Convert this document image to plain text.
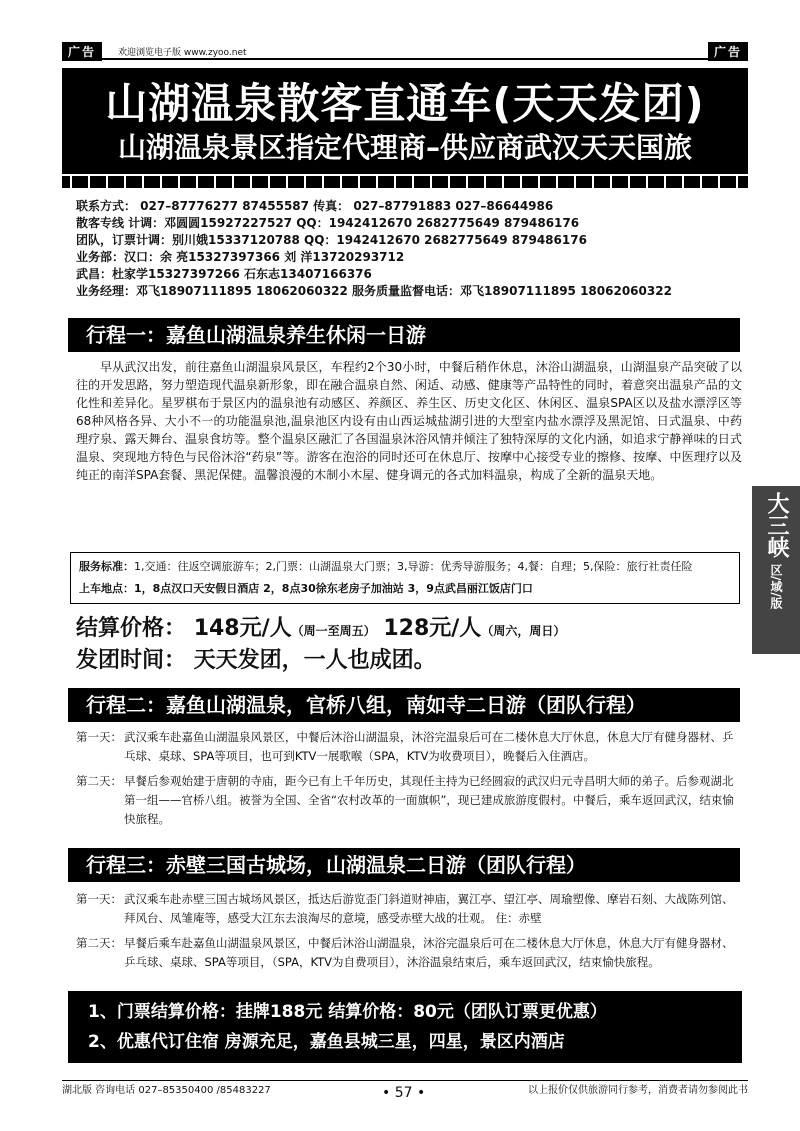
广告	欢迎浏览电子版 www.zyoo.net	广告
山湖温泉散客直通车(天天发团)
山湖温泉景区指定代理商–供应商武汉天天国旅
联系方式： 027–87776277 87455587 传真： 027–87791883 027–86644986
散客专线 计调：邓圆圆15927227527 QQ：1942412670 2682775649 879486176
团队，订票计调：别川娥15337120788 QQ：1942412670 2682775649 879486176
业务部：汉口：余 亮15327397366 刘 洋13720293712
武昌：杜家学15327397266 石东志13407166376
业务经理：邓飞18907111895 18062060322 服务质量监督电话：邓飞18907111895 18062060322
行程一：嘉鱼山湖温泉养生休闲一日游
早从武汉出发，前往嘉鱼山湖温泉风景区，车程约2个30小时，中餐后稍作休息，沐浴山湖温泉，山湖温泉产品突破了以往的开发思路，努力塑造现代温泉新形象，即在融合温泉自然、闲适、动感、健康等产品特性的同时，着意突出温泉产品的文化性和差异化。星罗棋布于景区内的温泉池有动感区、养颜区、养生区、历史文化区、休闲区、温泉SPA区以及盐水漂浮区等68种风格各异、大小不一的功能温泉池,温泉池区内设有由山西运城盐湖引进的大型室内盐水漂浮及黑泥馆、日式温泉、中药理疗泉、露天舞台、温泉食坊等。整个温泉区融汇了各国温泉沐浴风情并倾注了独特深厚的文化内涵，如追求宁静禅味的日式温泉、突现地方特色与民俗沐浴“药泉”等。游客在泡浴的同时还可在休息厅、按摩中心接受专业的擦修、按摩、中医理疗以及纯正的南洋SPA套餐、黑泥保健。温馨浪漫的木制小木屋、健身调元的各式加料温泉，构成了全新的温泉天地。
服务标准：1,交通：往返空调旅游车；2,门票：山湖温泉大门票；3,导游：优秀导游服务；4,餐：自理；5,保险：旅行社责任险
上车地点：1，8点汉口天安假日酒店 2，8点30徐东老房子加油站 3，9点武昌丽江饭店门口
结算价格： 148元/人（周一至周五） 128元/人（周六，周日）
发团时间： 天天发团，一人也成团。
行程二：嘉鱼山湖温泉，官桥八组，南如寺二日游（团队行程）
第一天： 武汉乘车赴嘉鱼山湖温泉风景区，中餐后沐浴山湖温泉，沐浴完温泉后可在二楼休息大厅休息，休息大厅有健身器材、乒乓球、桌球、SPA等项目，也可到KTV一展歌喉（SPA，KTV为收费项目），晚餐后入住酒店。
第二天： 早餐后参观始建于唐朝的寺庙，距今已有上千年历史，其现任主持为已经圆寂的武汉归元寺昌明大师的弟子。后参观湖北第一组——官桥八组。被誉为全国、全省“农村改革的一面旗帜”，现已建成旅游度假村。中餐后，乘车返回武汉，结束愉快旅程。
行程三：赤壁三国古城场，山湖温泉二日游（团队行程）
第一天： 武汉乘车赴赤壁三国古城场风景区，抵达后游览歪门斜道财神庙，翼江亭、望江亭、周瑜塑像、摩岩石刻、大战陈列馆、拜风台、凤雏庵等，感受大江东去浪淘尽的意境，感受赤壁大战的壮观。 住：赤壁
第二天： 早餐后乘车赴嘉鱼山湖温泉风景区，中餐后沐浴山湖温泉，沐浴完温泉后可在二楼休息大厅休息，休息大厅有健身器材、乒乓球、桌球、SPA等项目，（SPA，KTV为自费项目），沐浴温泉结束后，乘车返回武汉，结束愉快旅程。
1、门票结算价格：挂牌188元 结算价格：80元（团队订票更优惠）
2、优惠代订住宿 房源充足，嘉鱼县城三星，四星，景区内酒店
湖北版 咨询电话 027–85350400 /85483227	• 57 •	以上报价仅供旅游同行参考，消费者请勿参阅此书
大三峡
区/域/版
